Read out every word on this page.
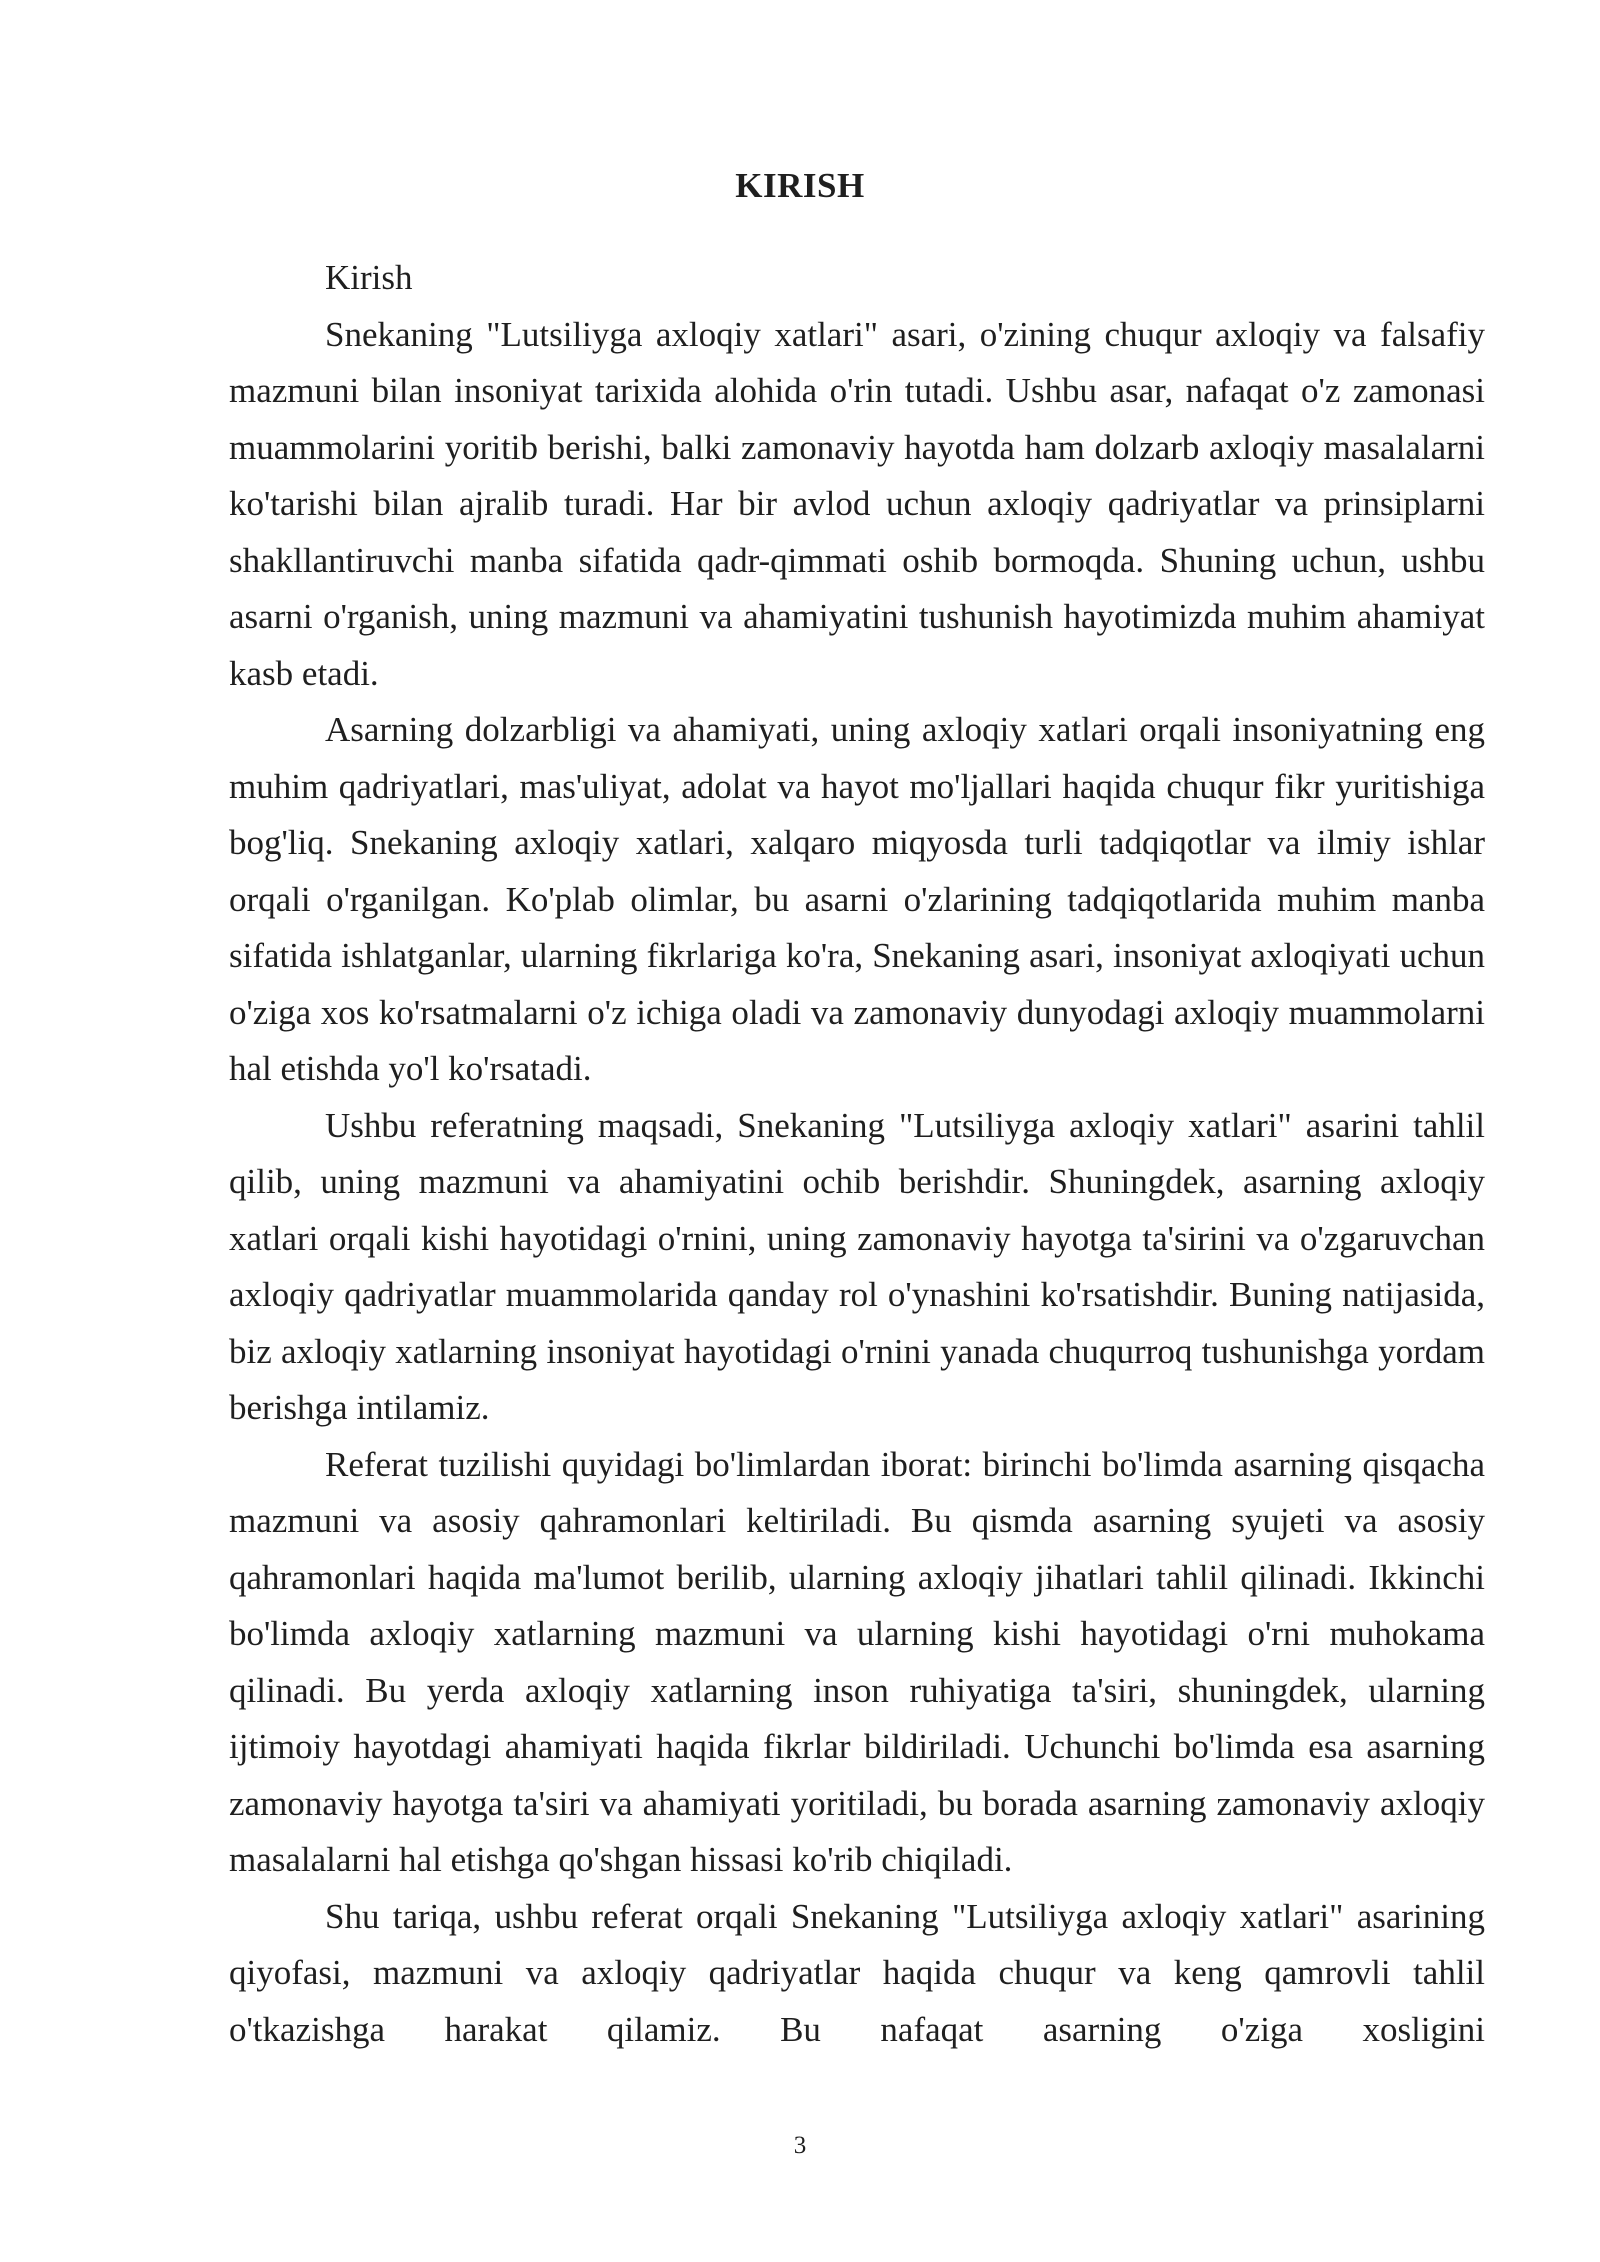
KIRISH

Kirish

Snekaning "Lutsiliyga axloqiy xatlari" asari, o'zining chuqur axloqiy va falsafiy mazmuni bilan insoniyat tarixida alohida o'rin tutadi. Ushbu asar, nafaqat o'z zamonasi muammolarini yoritib berishi, balki zamonaviy hayotda ham dolzarb axloqiy masalalarni ko'tarishi bilan ajralib turadi. Har bir avlod uchun axloqiy qadriyatlar va prinsiplarni shakllantiruvchi manba sifatida qadr-qimmati oshib bormoqda. Shuning uchun, ushbu asarni o'rganish, uning mazmuni va ahamiyatini tushunish hayotimizda muhim ahamiyat kasb etadi.

Asarning dolzarbligi va ahamiyati, uning axloqiy xatlari orqali insoniyatning eng muhim qadriyatlari, mas'uliyat, adolat va hayot mo'ljallari haqida chuqur fikr yuritishiga bog'liq. Snekaning axloqiy xatlari, xalqaro miqyosda turli tadqiqotlar va ilmiy ishlar orqali o'rganilgan. Ko'plab olimlar, bu asarni o'zlarining tadqiqotlarida muhim manba sifatida ishlatganlar, ularning fikrlariga ko'ra, Snekaning asari, insoniyat axloqiyati uchun o'ziga xos ko'rsatmalarni o'z ichiga oladi va zamonaviy dunyodagi axloqiy muammolarni hal etishda yo'l ko'rsatadi.

Ushbu referatning maqsadi, Snekaning "Lutsiliyga axloqiy xatlari" asarini tahlil qilib, uning mazmuni va ahamiyatini ochib berishdir. Shuningdek, asarning axloqiy xatlari orqali kishi hayotidagi o'rnini, uning zamonaviy hayotga ta'sirini va o'zgaruvchan axloqiy qadriyatlar muammolarida qanday rol o'ynashini ko'rsatishdir. Buning natijasida, biz axloqiy xatlarning insoniyat hayotidagi o'rnini yanada chuqurroq tushunishga yordam berishga intilamiz.

Referat tuzilishi quyidagi bo'limlardan iborat: birinchi bo'limda asarning qisqacha mazmuni va asosiy qahramonlari keltiriladi. Bu qismda asarning syujeti va asosiy qahramonlari haqida ma'lumot berilib, ularning axloqiy jihatlari tahlil qilinadi. Ikkinchi bo'limda axloqiy xatlarning mazmuni va ularning kishi hayotidagi o'rni muhokama qilinadi. Bu yerda axloqiy xatlarning inson ruhiyatiga ta'siri, shuningdek, ularning ijtimoiy hayotdagi ahamiyati haqida fikrlar bildiriladi. Uchunchi bo'limda esa asarning zamonaviy hayotga ta'siri va ahamiyati yoritiladi, bu borada asarning zamonaviy axloqiy masalalarni hal etishga qo'shgan hissasi ko'rib chiqiladi.

Shu tariqa, ushbu referat orqali Snekaning "Lutsiliyga axloqiy xatlari" asarining qiyofasi, mazmuni va axloqiy qadriyatlar haqida chuqur va keng qamrovli tahlil o'tkazishga harakat qilamiz. Bu nafaqat asarning o'ziga xosligini

3
